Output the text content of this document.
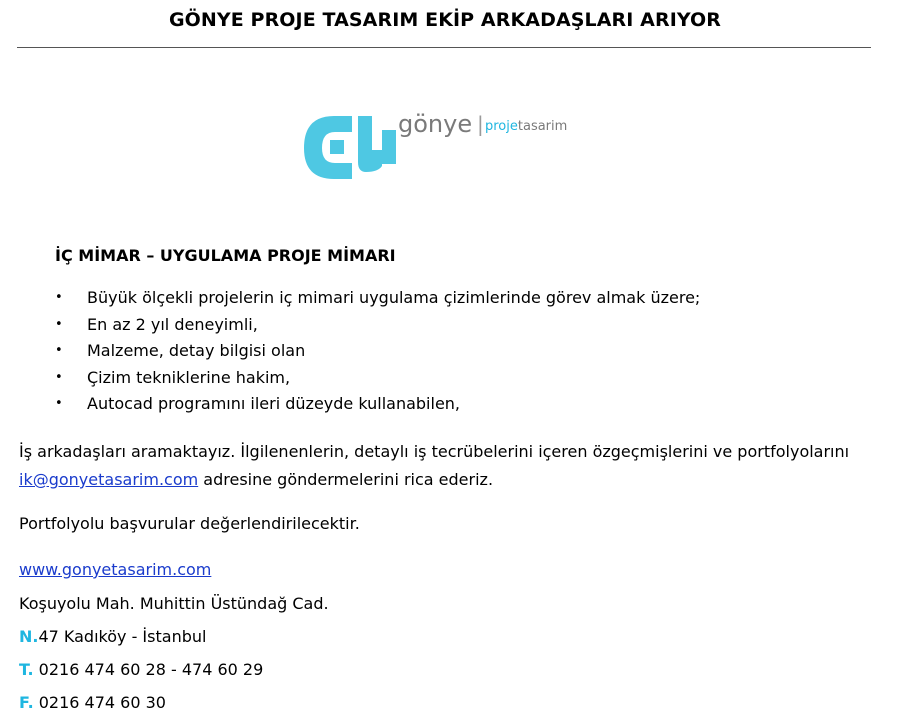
GÖNYE PROJE TASARIM EKİP ARKADAŞLARI ARIYOR
gönye | projetasarim
İÇ MİMAR – UYGULAMA PROJE MİMARI
• Büyük ölçekli projelerin iç mimari uygulama çizimlerinde görev almak üzere;
• En az 2 yıl deneyimli,
• Malzeme, detay bilgisi olan
• Çizim tekniklerine hakim,
• Autocad programını ileri düzeyde kullanabilen,
İş arkadaşları aramaktayız. İlgilenenlerin, detaylı iş tecrübelerini içeren özgeçmişlerini ve portfolyolarını
ik@gonyetasarim.com adresine göndermelerini rica ederiz.
Portfolyolu başvurular değerlendirilecektir.
www.gonyetasarim.com
Koşuyolu Mah. Muhittin Üstündağ Cad.
N.47 Kadıköy - İstanbul
T. 0216 474 60 28 - 474 60 29
F. 0216 474 60 30
